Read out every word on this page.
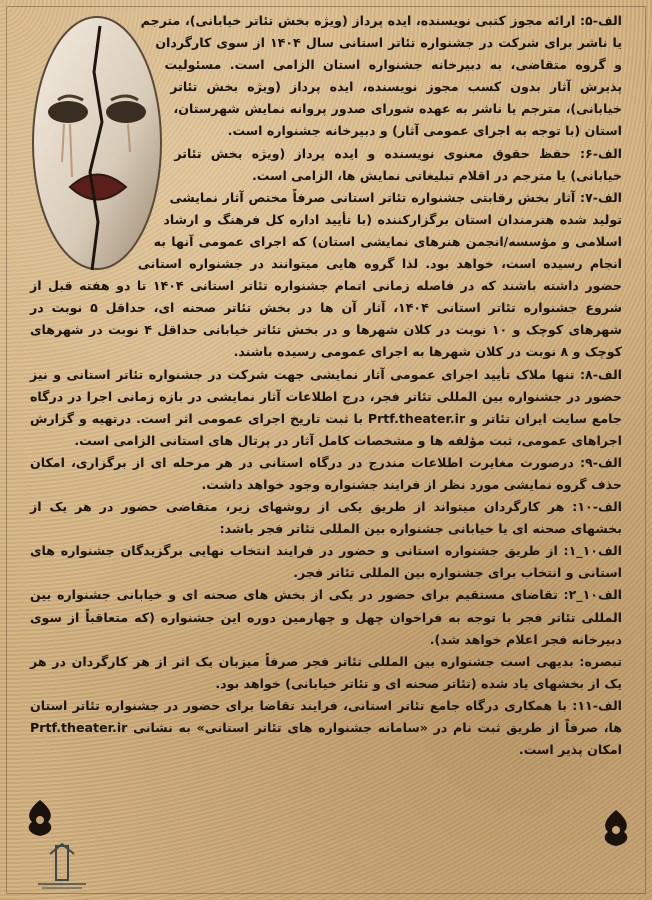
الف-۵: ارائه مجوز کتبی نویسنده، ایده پرداز (ویژه بخش تئاتر خیابانی)، مترجم یا ناشر برای شرکت در جشنواره تئاتر استانی سال ۱۴۰۴ از سوی کارگردان و گروه متقاضی، به دبیرخانه جشنواره استان الزامی است. مسئولیت پذیرش آثار بدون کسب مجوز نویسنده، ایده پرداز (ویژه بخش تئاتر خیابانی)، مترجم یا ناشر به عهده شورای صدور پروانه نمایش شهرستان، استان (با توجه به اجرای عمومی آثار) و دبیرخانه جشنواره است.

الف-۶: حفظ حقوق معنوی نویسنده و ایده پرداز (ویژه بخش تئاتر خیابانی) یا مترجم در اقلام تبلیغاتی نمایش ها، الزامی است.

الف-۷: آثار بخش رقابتی جشنواره تئاتر استانی صرفاً مختص آثار نمایشی تولید شده هنرمندان استان برگزارکننده (با تأیید اداره کل فرهنگ و ارشاد اسلامی و مؤسسه/انجمن هنرهای نمایشی استان) که اجرای عمومی آنها به انجام رسیده است، خواهد بود. لذا گروه هایی میتوانند در جشنواره استانی حضور داشته باشند که در فاصله زمانی اتمام جشنواره تئاتر استانی ۱۴۰۴ تا دو هفته قبل از شروع جشنواره تئاتر استانی ۱۴۰۴، آثار آن ها در بخش تئاتر صحنه ای، حداقل ۵ نوبت در شهرهای کوچک و ۱۰ نوبت در کلان شهرها و در بخش تئاتر خیابانی حداقل ۴ نوبت در شهرهای کوچک و ۸ نوبت در کلان شهرها به اجرای عمومی رسیده باشند.

الف-۸: تنها ملاک تأیید اجرای عمومی آثار نمایشی جهت شرکت در جشنواره تئاتر استانی و نیز حضور در جشنواره بین المللی تئاتر فجر، درج اطلاعات آثار نمایشی در بازه زمانی اجرا در درگاه جامع سایت ایران تئاتر و Prtf.theater.ir با ثبت تاریخ اجرای عمومی اثر است. درتهیه و گزارش اجراهای عمومی، ثبت مؤلفه ها و مشخصات کامل آثار در پرتال های استانی الزامی است.

الف-۹: درصورت مغایرت اطلاعات مندرج در درگاه استانی در هر مرحله ای از برگزاری، امکان حذف گروه نمایشی مورد نظر از فرایند جشنواره وجود خواهد داشت.

الف-۱۰: هر کارگردان میتواند از طریق یکی از روشهای زیر، متقاضی حضور در هر یک از بخشهای صحنه ای یا خیابانی جشنواره بین المللی تئاتر فجر باشد:

الف۱۰_۱: از طریق جشنواره استانی و حضور در فرایند انتخاب نهایی برگزیدگان جشنواره های استانی و انتخاب برای جشنواره بین المللی تئاتر فجر.

الف۱۰_۲: تقاضای مستقیم برای حضور در یکی از بخش های صحنه ای و خیابانی جشنواره بین المللی تئاتر فجر با توجه به فراخوان چهل و چهارمین دوره این جشنواره (که متعاقباً از سوی دبیرخانه فجر اعلام خواهد شد).

تبصره: بدیهی است جشنواره بین المللی تئاتر فجر صرفاً میزبان یک اثر از هر کارگردان در هر یک از بخشهای یاد شده (تئاتر صحنه ای و تئاتر خیابانی) خواهد بود.

الف-۱۱: با همکاری درگاه جامع تئاتر استانی، فرایند تقاضا برای حضور در جشنواره تئاتر استان ها، صرفاً از طریق ثبت نام در «سامانه جشنواره های تئاتر استانی» به نشانی Prtf.theater.ir امکان پذیر است.
